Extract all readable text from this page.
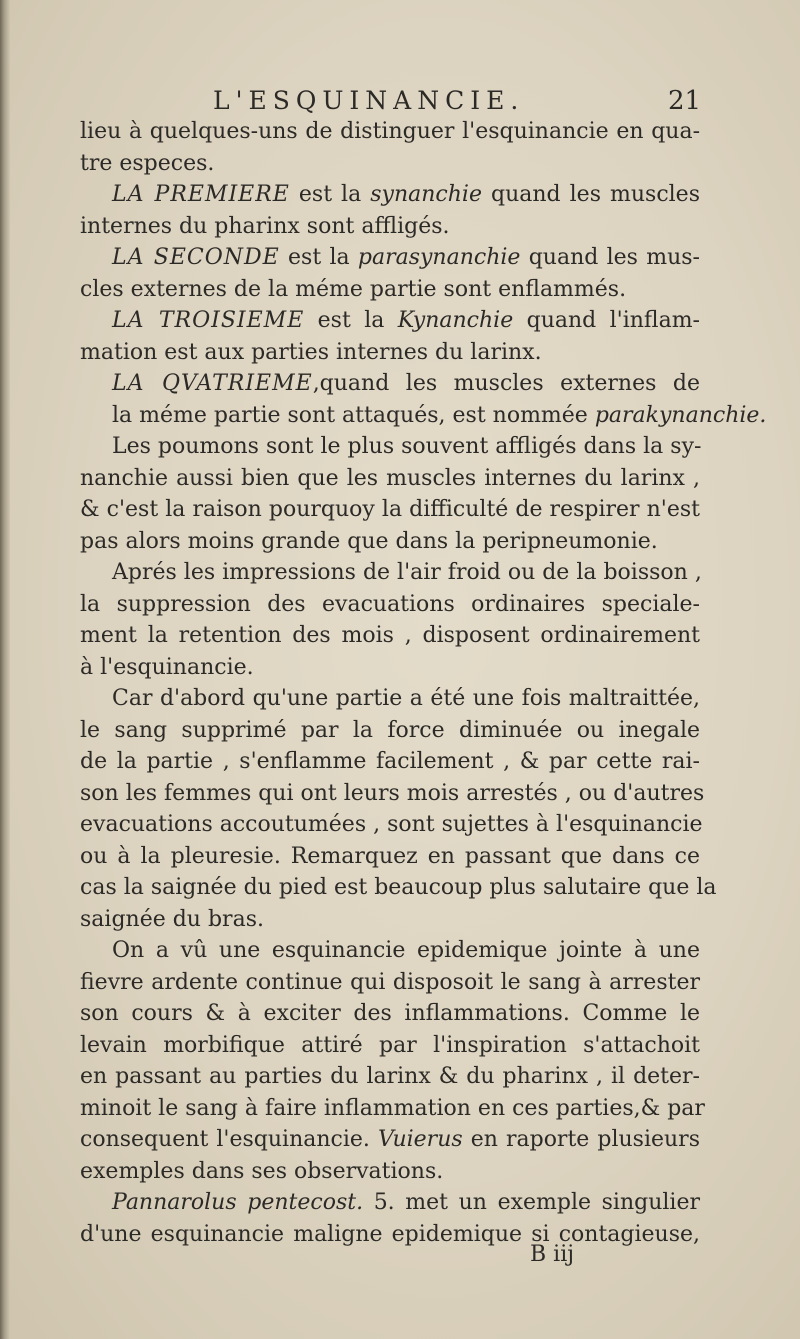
L'ESQUINANCIE.	21
lieu à quelques-uns de distinguer l'esquinancie en qua-
tre especes.
LA PREMIERE est la synanchie quand les muscles
internes du pharinx sont affligés.
LA SECONDE est la parasynanchie quand les mus-
cles externes de la méme partie sont enflammés.
LA TROISIEME est la Kynanchie quand l'inflam-
mation est aux parties internes du larinx.
LA QVATRIEME,quand les muscles externes de
la méme partie sont attaqués, est nommée parakynanchie.
Les poumons sont le plus souvent affligés dans la sy-
nanchie aussi bien que les muscles internes du larinx ,
& c'est la raison pourquoy la difficulté de respirer n'est
pas alors moins grande que dans la peripneumonie.
Aprés les impressions de l'air froid ou de la boisson ,
la suppression des evacuations ordinaires speciale-
ment la retention des mois , disposent ordinairement
à l'esquinancie.
Car d'abord qu'une partie a été une fois maltraittée,
le sang supprimé par la force diminuée ou inegale
de la partie , s'enflamme facilement , & par cette rai-
son les femmes qui ont leurs mois arrestés , ou d'autres
evacuations accoutumées , sont sujettes à l'esquinancie
ou à la pleuresie. Remarquez en passant que dans ce
cas la saignée du pied est beaucoup plus salutaire que la
saignée du bras.
On a vû une esquinancie epidemique jointe à une
fievre ardente continue qui disposoit le sang à arrester
son cours & à exciter des inflammations. Comme le
levain morbifique attiré par l'inspiration s'attachoit
en passant au parties du larinx & du pharinx , il deter-
minoit le sang à faire inflammation en ces parties,& par
consequent l'esquinancie. Vuierus en raporte plusieurs
exemples dans ses observations.
Pannarolus pentecost. 5. met un exemple singulier
d'une esquinancie maligne epidemique si contagieuse,
B iij
